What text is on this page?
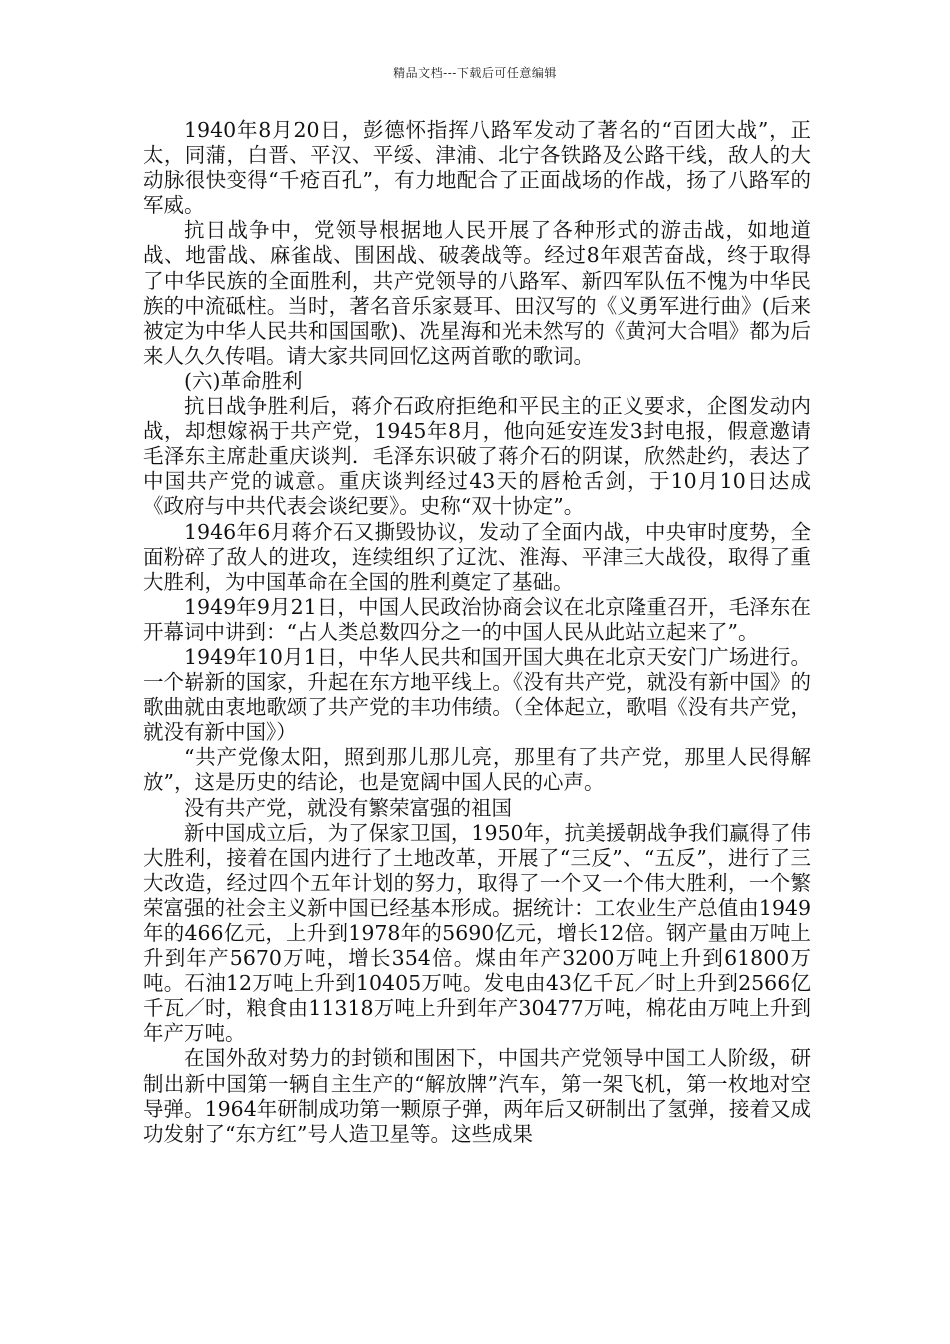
精品文档---下载后可任意编辑

1940年8月20日，彭德怀指挥八路军发动了著名的“百团大战”，正太，同蒲，白晋、平汉、平绥、津浦、北宁各铁路及公路干线，敌人的大动脉很快变得“千疮百孔”，有力地配合了正面战场的作战，扬了八路军的军威。

抗日战争中，党领导根据地人民开展了各种形式的游击战，如地道战、地雷战、麻雀战、围困战、破袭战等。经过8年艰苦奋战，终于取得了中华民族的全面胜利，共产党领导的八路军、新四军队伍不愧为中华民族的中流砥柱。当时，著名音乐家聂耳、田汉写的《义勇军进行曲》(后来被定为中华人民共和国国歌)、冼星海和光未然写的《黄河大合唱》都为后来人久久传唱。请大家共同回忆这两首歌的歌词。

(六)革命胜利

抗日战争胜利后，蒋介石政府拒绝和平民主的正义要求，企图发动内战，却想嫁祸于共产党，1945年8月，他向延安连发3封电报，假意邀请毛泽东主席赴重庆谈判．毛泽东识破了蒋介石的阴谋，欣然赴约，表达了中国共产党的诚意。重庆谈判经过43天的唇枪舌剑，于10月10日达成《政府与中共代表会谈纪要》。史称“双十协定”。

1946年6月蒋介石又撕毁协议，发动了全面内战，中央审时度势，全面粉碎了敌人的进攻，连续组织了辽沈、淮海、平津三大战役，取得了重大胜利，为中国革命在全国的胜利奠定了基础。

1949年9月21日，中国人民政治协商会议在北京隆重召开，毛泽东在开幕词中讲到：“占人类总数四分之一的中国人民从此站立起来了”。

1949年10月1日，中华人民共和国开国大典在北京天安门广场进行。一个崭新的国家，升起在东方地平线上。《没有共产党，就没有新中国》的歌曲就由衷地歌颂了共产党的丰功伟绩。（全体起立，歌唱《没有共产党，就没有新中国》）

“共产党像太阳，照到那儿那儿亮，那里有了共产党，那里人民得解放”，这是历史的结论，也是宽阔中国人民的心声。

没有共产党，就没有繁荣富强的祖国

新中国成立后，为了保家卫国，1950年，抗美援朝战争我们赢得了伟大胜利，接着在国内进行了土地改革，开展了“三反”、“五反”，进行了三大改造，经过四个五年计划的努力，取得了一个又一个伟大胜利，一个繁荣富强的社会主义新中国已经基本形成。据统计：工农业生产总值由1949年的466亿元，上升到1978年的5690亿元，增长12倍。钢产量由万吨上升到年产5670万吨，增长354倍。煤由年产3200万吨上升到61800万吨。石油12万吨上升到10405万吨。发电由43亿千瓦／时上升到2566亿千瓦／时，粮食由11318万吨上升到年产30477万吨，棉花由万吨上升到年产万吨。

在国外敌对势力的封锁和围困下，中国共产党领导中国工人阶级，研制出新中国第一辆自主生产的“解放牌”汽车，第一架飞机，第一枚地对空导弹。1964年研制成功第一颗原子弹，两年后又研制出了氢弹，接着又成功发射了“东方红”号人造卫星等。这些成果
